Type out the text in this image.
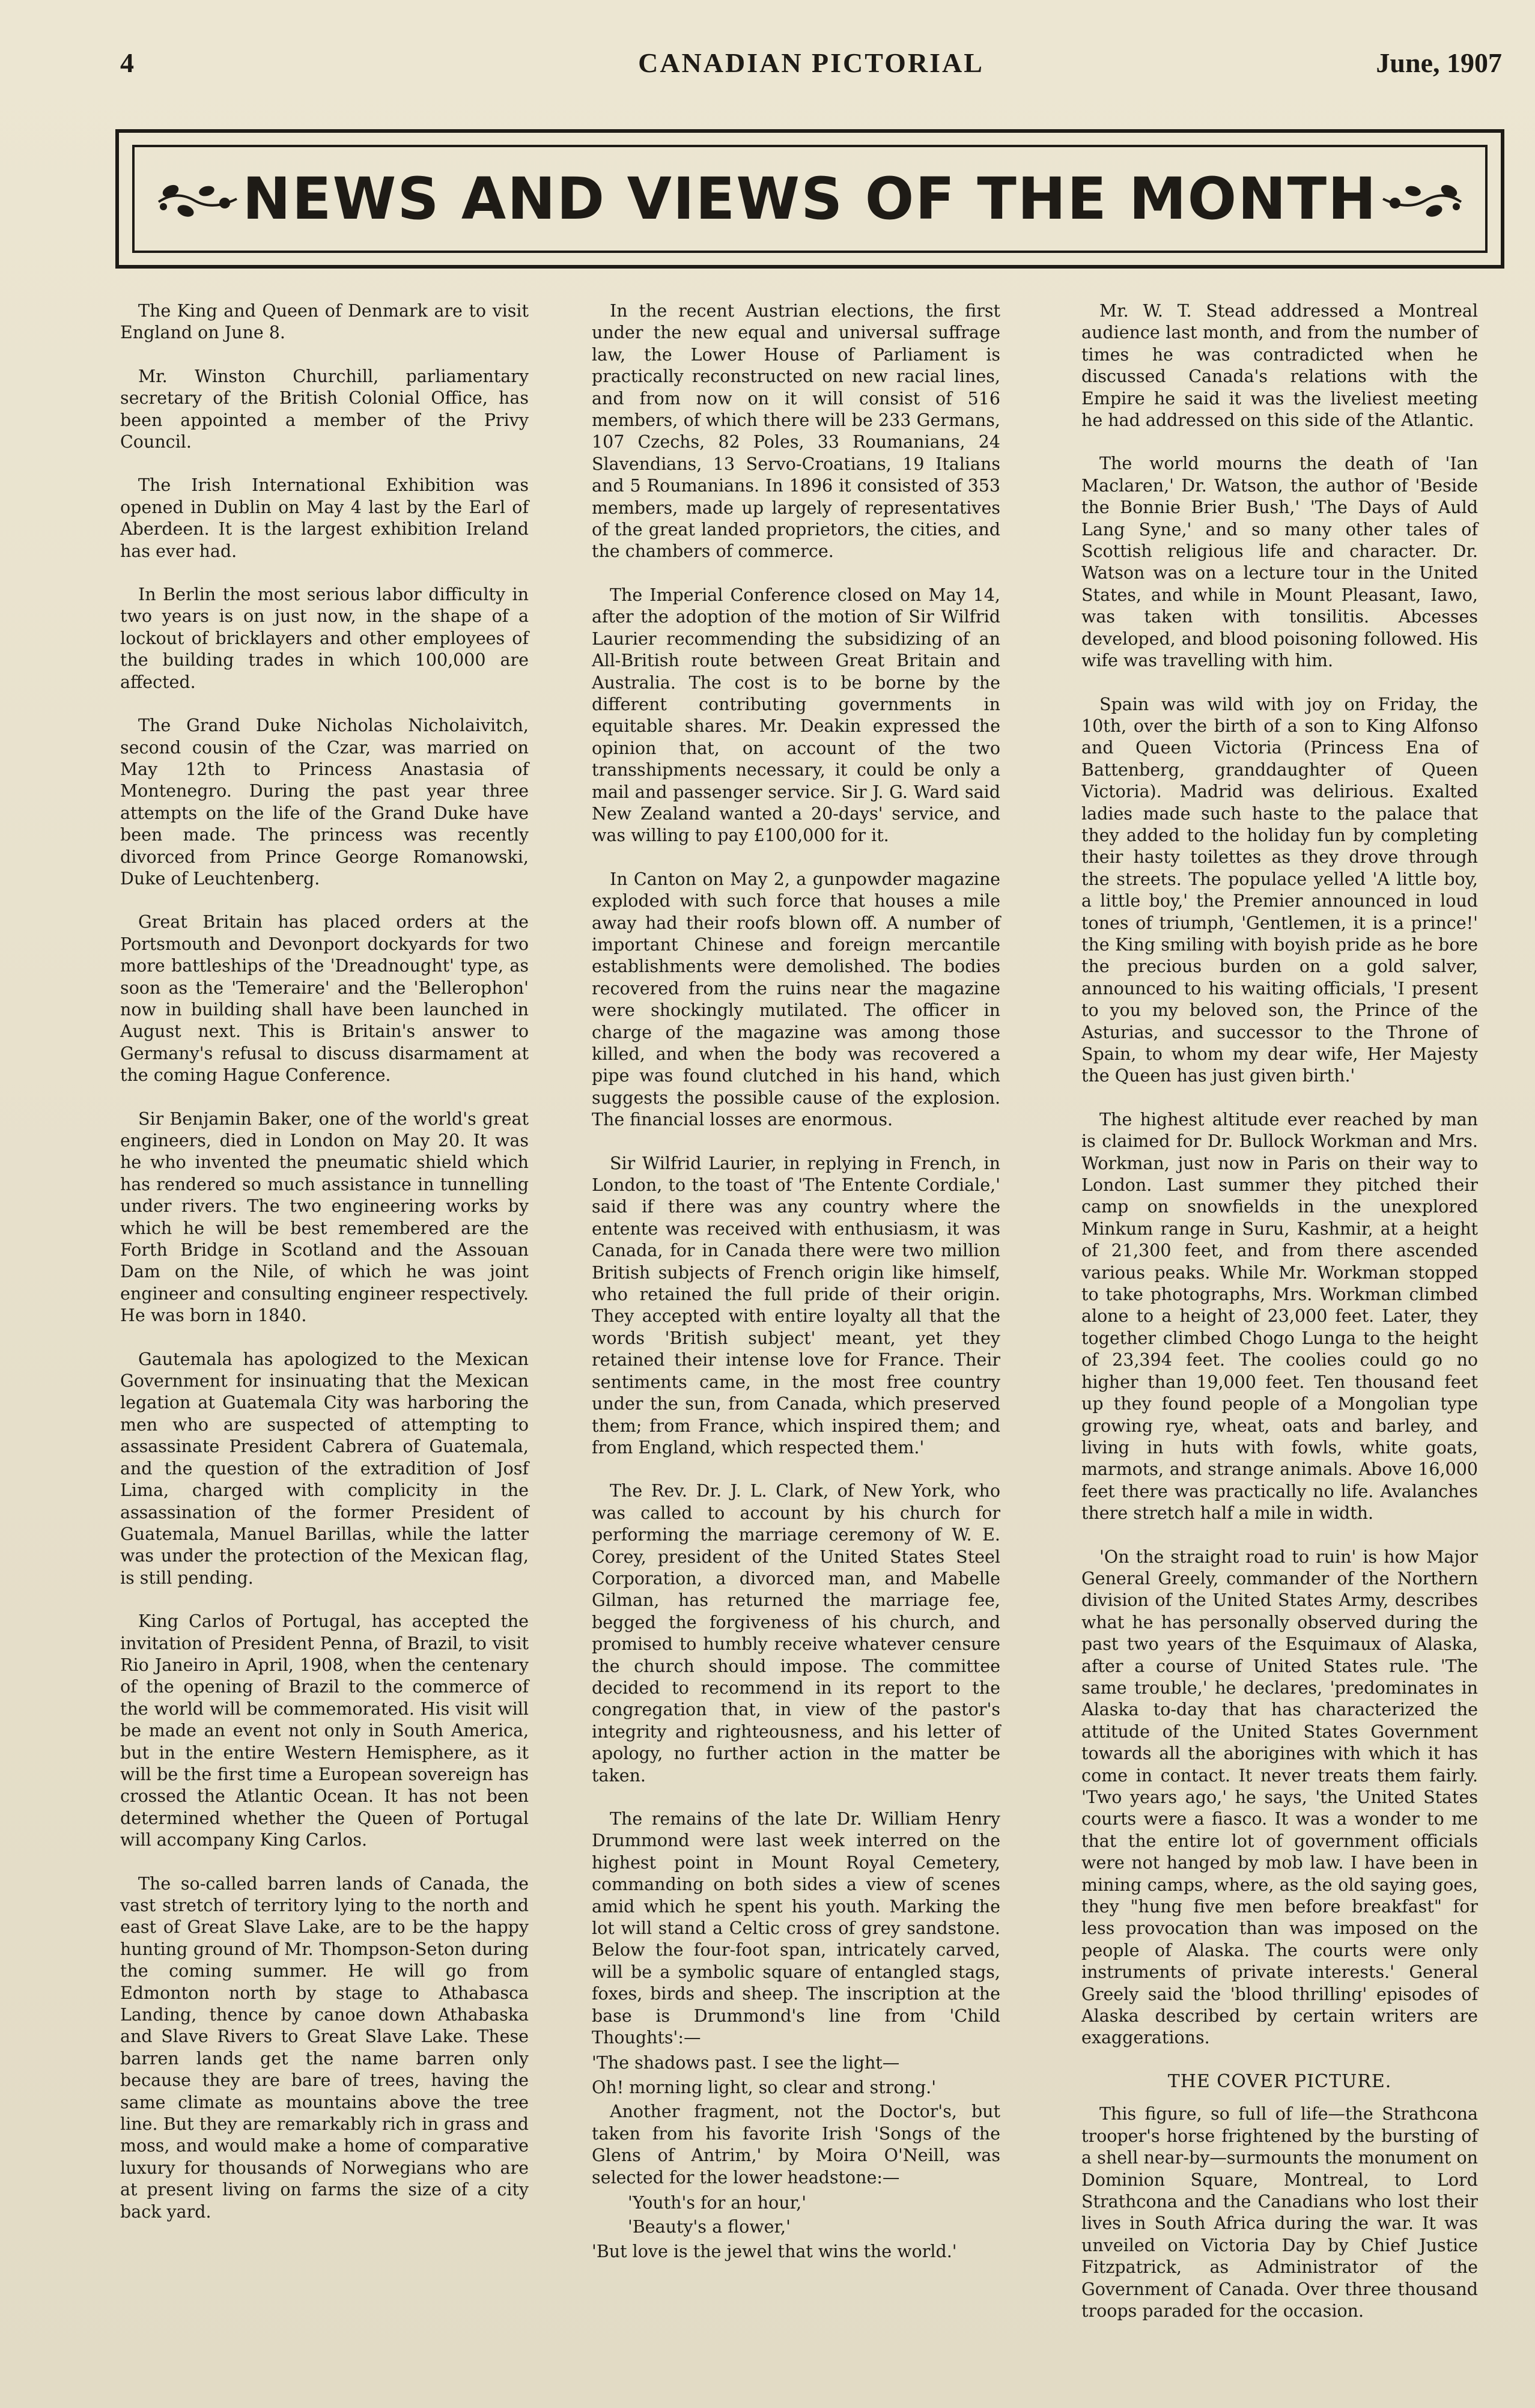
4	CANADIAN PICTORIAL	June, 1907
NEWS AND VIEWS OF THE MONTH

The King and Queen of Denmark are to visit England on June 8.

Mr. Winston Churchill, parliamentary secretary of the British Colonial Office, has been appointed a member of the Privy Council.

The Irish International Exhibition was opened in Dublin on May 4 last by the Earl of Aberdeen. It is the largest exhibition Ireland has ever had.

In Berlin the most serious labor difficulty in two years is on just now, in the shape of a lockout of bricklayers and other employees of the building trades in which 100,000 are affected.

The Grand Duke Nicholas Nicholaivitch, second cousin of the Czar, was married on May 12th to Princess Anastasia of Montenegro. During the past year three attempts on the life of the Grand Duke have been made. The princess was recently divorced from Prince George Romanowski, Duke of Leuchtenberg.

Great Britain has placed orders at the Portsmouth and Devonport dockyards for two more battleships of the 'Dreadnought' type, as soon as the 'Temeraire' and the 'Bellerophon' now in building shall have been launched in August next. This is Britain's answer to Germany's refusal to discuss disarmament at the coming Hague Conference.

Sir Benjamin Baker, one of the world's great engineers, died in London on May 20. It was he who invented the pneumatic shield which has rendered so much assistance in tunnelling under rivers. The two engineering works by which he will be best remembered are the Forth Bridge in Scotland and the Assouan Dam on the Nile, of which he was joint engineer and consulting engineer respectively. He was born in 1840.

Gautemala has apologized to the Mexican Government for insinuating that the Mexican legation at Guatemala City was harboring the men who are suspected of attempting to assassinate President Cabrera of Guatemala, and the question of the extradition of Josf Lima, charged with complicity in the assassination of the former President of Guatemala, Manuel Barillas, while the latter was under the protection of the Mexican flag, is still pending.

King Carlos of Portugal, has accepted the invitation of President Penna, of Brazil, to visit Rio Janeiro in April, 1908, when the centenary of the opening of Brazil to the commerce of the world will be commemorated. His visit will be made an event not only in South America, but in the entire Western Hemisphere, as it will be the first time a European sovereign has crossed the Atlantic Ocean. It has not been determined whether the Queen of Portugal will accompany King Carlos.

The so-called barren lands of Canada, the vast stretch of territory lying to the north and east of Great Slave Lake, are to be the happy hunting ground of Mr. Thompson-Seton during the coming summer. He will go from Edmonton north by stage to Athabasca Landing, thence by canoe down Athabaska and Slave Rivers to Great Slave Lake. These barren lands get the name barren only because they are bare of trees, having the same climate as mountains above the tree line. But they are remarkably rich in grass and moss, and would make a home of comparative luxury for thousands of Norwegians who are at present living on farms the size of a city back yard.

In the recent Austrian elections, the first under the new equal and universal suffrage law, the Lower House of Parliament is practically reconstructed on new racial lines, and from now on it will consist of 516 members, of which there will be 233 Germans, 107 Czechs, 82 Poles, 33 Roumanians, 24 Slavendians, 13 Servo-Croatians, 19 Italians and 5 Roumanians. In 1896 it consisted of 353 members, made up largely of representatives of the great landed proprietors, the cities, and the chambers of commerce.

The Imperial Conference closed on May 14, after the adoption of the motion of Sir Wilfrid Laurier recommending the subsidizing of an All-British route between Great Britain and Australia. The cost is to be borne by the different contributing governments in equitable shares. Mr. Deakin expressed the opinion that, on account of the two transshipments necessary, it could be only a mail and passenger service. Sir J. G. Ward said New Zealand wanted a 20-days' service, and was willing to pay £100,000 for it.

In Canton on May 2, a gunpowder magazine exploded with such force that houses a mile away had their roofs blown off. A number of important Chinese and foreign mercantile establishments were demolished. The bodies recovered from the ruins near the magazine were shockingly mutilated. The officer in charge of the magazine was among those killed, and when the body was recovered a pipe was found clutched in his hand, which suggests the possible cause of the explosion. The financial losses are enormous.

Sir Wilfrid Laurier, in replying in French, in London, to the toast of 'The Entente Cordiale,' said if there was any country where the entente was received with enthusiasm, it was Canada, for in Canada there were two million British subjects of French origin like himself, who retained the full pride of their origin. They accepted with entire loyalty all that the words 'British subject' meant, yet they retained their intense love for France. Their sentiments came, in the most free country under the sun, from Canada, which preserved them; from France, which inspired them; and from England, which respected them.'

The Rev. Dr. J. L. Clark, of New York, who was called to account by his church for performing the marriage ceremony of W. E. Corey, president of the United States Steel Corporation, a divorced man, and Mabelle Gilman, has returned the marriage fee, begged the forgiveness of his church, and promised to humbly receive whatever censure the church should impose. The committee decided to recommend in its report to the congregation that, in view of the pastor's integrity and righteousness, and his letter of apology, no further action in the matter be taken.

The remains of the late Dr. William Henry Drummond were last week interred on the highest point in Mount Royal Cemetery, commanding on both sides a view of scenes amid which he spent his youth. Marking the lot will stand a Celtic cross of grey sandstone. Below the four-foot span, intricately carved, will be a symbolic square of entangled stags, foxes, birds and sheep. The inscription at the base is Drummond's line from 'Child Thoughts':—

'The shadows past. I see the light—

Oh! morning light, so clear and strong.'

Another fragment, not the Doctor's, but taken from his favorite Irish 'Songs of the Glens of Antrim,' by Moira O'Neill, was selected for the lower headstone:—

'Youth's for an hour,'

'Beauty's a flower,'

'But love is the jewel that wins the world.'

Mr. W. T. Stead addressed a Montreal audience last month, and from the number of times he was contradicted when he discussed Canada's relations with the Empire he said it was the liveliest meeting he had addressed on this side of the Atlantic.

The world mourns the death of 'Ian Maclaren,' Dr. Watson, the author of 'Beside the Bonnie Brier Bush,' 'The Days of Auld Lang Syne,' and so many other tales of Scottish religious life and character. Dr. Watson was on a lecture tour in the United States, and while in Mount Pleasant, Iawo, was taken with tonsilitis. Abcesses developed, and blood poisoning followed. His wife was travelling with him.

Spain was wild with joy on Friday, the 10th, over the birth of a son to King Alfonso and Queen Victoria (Princess Ena of Battenberg, granddaughter of Queen Victoria). Madrid was delirious. Exalted ladies made such haste to the palace that they added to the holiday fun by completing their hasty toilettes as they drove through the streets. The populace yelled 'A little boy, a little boy,' the Premier announced in loud tones of triumph, 'Gentlemen, it is a prince!' the King smiling with boyish pride as he bore the precious burden on a gold salver, announced to his waiting officials, 'I present to you my beloved son, the Prince of the Asturias, and successor to the Throne of Spain, to whom my dear wife, Her Majesty the Queen has just given birth.'

The highest altitude ever reached by man is claimed for Dr. Bullock Workman and Mrs. Workman, just now in Paris on their way to London. Last summer they pitched their camp on snowfields in the unexplored Minkum range in Suru, Kashmir, at a height of 21,300 feet, and from there ascended various peaks. While Mr. Workman stopped to take photographs, Mrs. Workman climbed alone to a height of 23,000 feet. Later, they together climbed Chogo Lunga to the height of 23,394 feet. The coolies could go no higher than 19,000 feet. Ten thousand feet up they found people of a Mongolian type growing rye, wheat, oats and barley, and living in huts with fowls, white goats, marmots, and strange animals. Above 16,000 feet there was practically no life. Avalanches there stretch half a mile in width.

'On the straight road to ruin' is how Major General Greely, commander of the Northern division of the United States Army, describes what he has personally observed during the past two years of the Esquimaux of Alaska, after a course of United States rule. 'The same trouble,' he declares, 'predominates in Alaska to-day that has characterized the attitude of the United States Government towards all the aborigines with which it has come in contact. It never treats them fairly. 'Two years ago,' he says, 'the United States courts were a fiasco. It was a wonder to me that the entire lot of government officials were not hanged by mob law. I have been in mining camps, where, as the old saying goes, they "hung five men before breakfast" for less provocation than was imposed on the people of Alaska. The courts were only instruments of private interests.' General Greely said the 'blood thrilling' episodes of Alaska described by certain writers are exaggerations.

THE COVER PICTURE.

This figure, so full of life—the Strathcona trooper's horse frightened by the bursting of a shell near-by—surmounts the monument on Dominion Square, Montreal, to Lord Strathcona and the Canadians who lost their lives in South Africa during the war. It was unveiled on Victoria Day by Chief Justice Fitzpatrick, as Administrator of the Government of Canada. Over three thousand troops paraded for the occasion.
